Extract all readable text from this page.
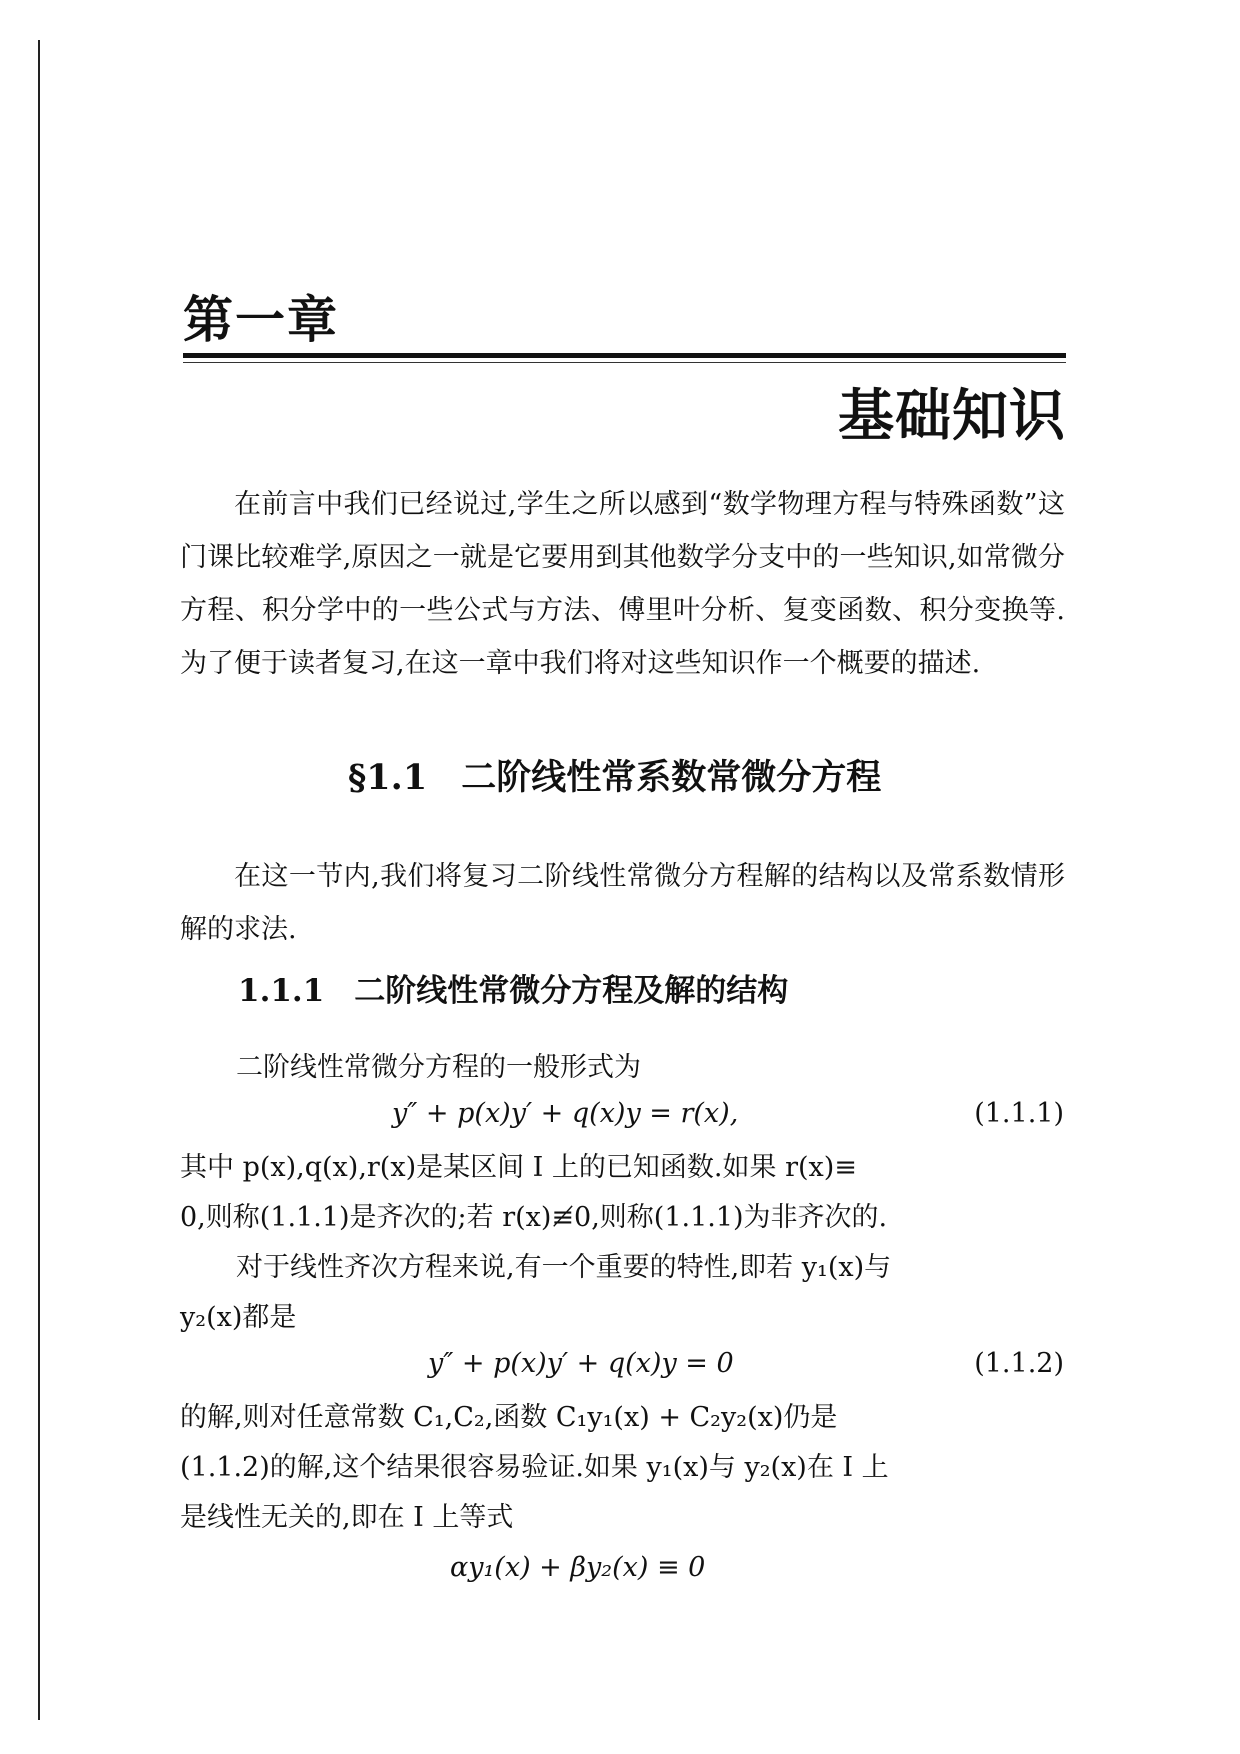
第一章
基础知识

在前言中我们已经说过,学生之所以感到“数学物理方程与特殊函数”这门课比较难学,原因之一就是它要用到其他数学分支中的一些知识,如常微分方程、积分学中的一些公式与方法、傅里叶分析、复变函数、积分变换等.为了便于读者复习,在这一章中我们将对这些知识作一个概要的描述.

§1.1 二阶线性常系数常微分方程

在这一节内,我们将复习二阶线性常微分方程解的结构以及常系数情形解的求法.

1.1.1 二阶线性常微分方程及解的结构
二阶线性常微分方程的一般形式为
y″ + p(x)y′ + q(x)y = r(x),	(1.1.1)
其中 p(x),q(x),r(x)是某区间 I 上的已知函数.如果 r(x)≡
0,则称(1.1.1)是齐次的;若 r(x)≢0,则称(1.1.1)为非齐次的.
对于线性齐次方程来说,有一个重要的特性,即若 y₁(x)与
y₂(x)都是
y″ + p(x)y′ + q(x)y = 0	(1.1.2)
的解,则对任意常数 C₁,C₂,函数 C₁y₁(x) + C₂y₂(x)仍是
(1.1.2)的解,这个结果很容易验证.如果 y₁(x)与 y₂(x)在 I 上
是线性无关的,即在 I 上等式
αy₁(x) + βy₂(x) ≡ 0
